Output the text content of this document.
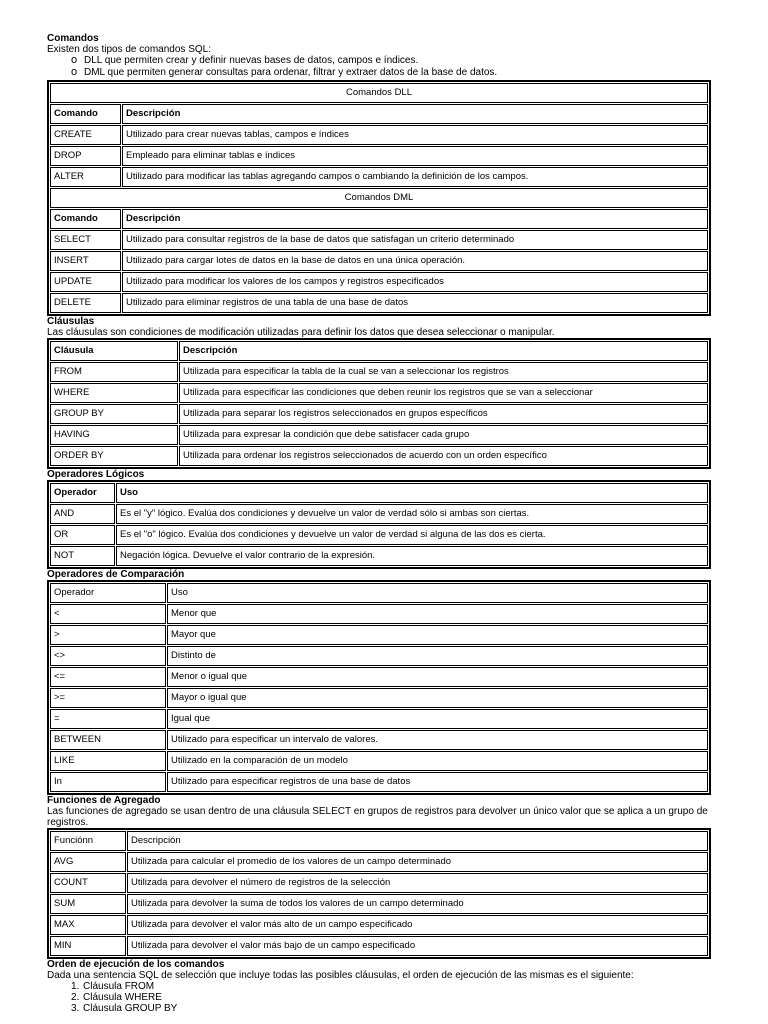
Comandos
Existen dos tipos de comandos SQL:
o DLL que permiten crear y definir nuevas bases de datos, campos e índices.
o DML que permiten generar consultas para ordenar, filtrar y extraer datos de la base de datos.
Comandos DLL	
Comando	Descripción
CREATE	Utilizado para crear nuevas tablas, campos e índices
DROP	Empleado para eliminar tablas e índices
ALTER	Utilizado para modificar las tablas agregando campos o cambiando la definición de los campos.
Comandos DML	
Comando	Descripción
SELECT	Utilizado para consultar registros de la base de datos que satisfagan un criterio determinado
INSERT	Utilizado para cargar lotes de datos en la base de datos en una única operación.
UPDATE	Utilizado para modificar los valores de los campos y registros especificados
DELETE	Utilizado para eliminar registros de una tabla de una base de datos
Cláusulas
Las cláusulas son condiciones de modificación utilizadas para definir los datos que desea seleccionar o manipular.
Cláusula	Descripción
FROM	Utilizada para especificar la tabla de la cual se van a seleccionar los registros
WHERE	Utilizada para especificar las condiciones que deben reunir los registros que se van a seleccionar
GROUP BY	Utilizada para separar los registros seleccionados en grupos específicos
HAVING	Utilizada para expresar la condición que debe satisfacer cada grupo
ORDER BY	Utilizada para ordenar los registros seleccionados de acuerdo con un orden específico
Operadores Lógicos
Operador	Uso
AND	Es el "y" lógico. Evalúa dos condiciones y devuelve un valor de verdad sólo si ambas son ciertas.
OR	Es el "o" lógico. Evalúa dos condiciones y devuelve un valor de verdad si alguna de las dos es cierta.
NOT	Negación lógica. Devuelve el valor contrario de la expresión.
Operadores de Comparación
Operador	Uso
<	Menor que
>	Mayor que
<>	Distinto de
<=	Menor o igual que
>=	Mayor o igual que
=	Igual que
BETWEEN	Utilizado para especificar un intervalo de valores.
LIKE	Utilizado en la comparación de un modelo
In	Utilizado para especificar registros de una base de datos
Funciones de Agregado
Las funciones de agregado se usan dentro de una cláusula SELECT en grupos de registros para devolver un único valor que se aplica a un grupo de registros.
Funciónn	Descripción
AVG	Utilizada para calcular el promedio de los valores de un campo determinado
COUNT	Utilizada para devolver el número de registros de la selección
SUM	Utilizada para devolver la suma de todos los valores de un campo determinado
MAX	Utilizada para devolver el valor más alto de un campo especificado
MIN	Utilizada para devolver el valor más bajo de un campo especificado
Orden de ejecución de los comandos
Dada una sentencia SQL de selección que incluye todas las posibles cláusulas, el orden de ejecución de las mismas es el siguiente:
1. Cláusula FROM
2. Cláusula WHERE
3. Cláusula GROUP BY
